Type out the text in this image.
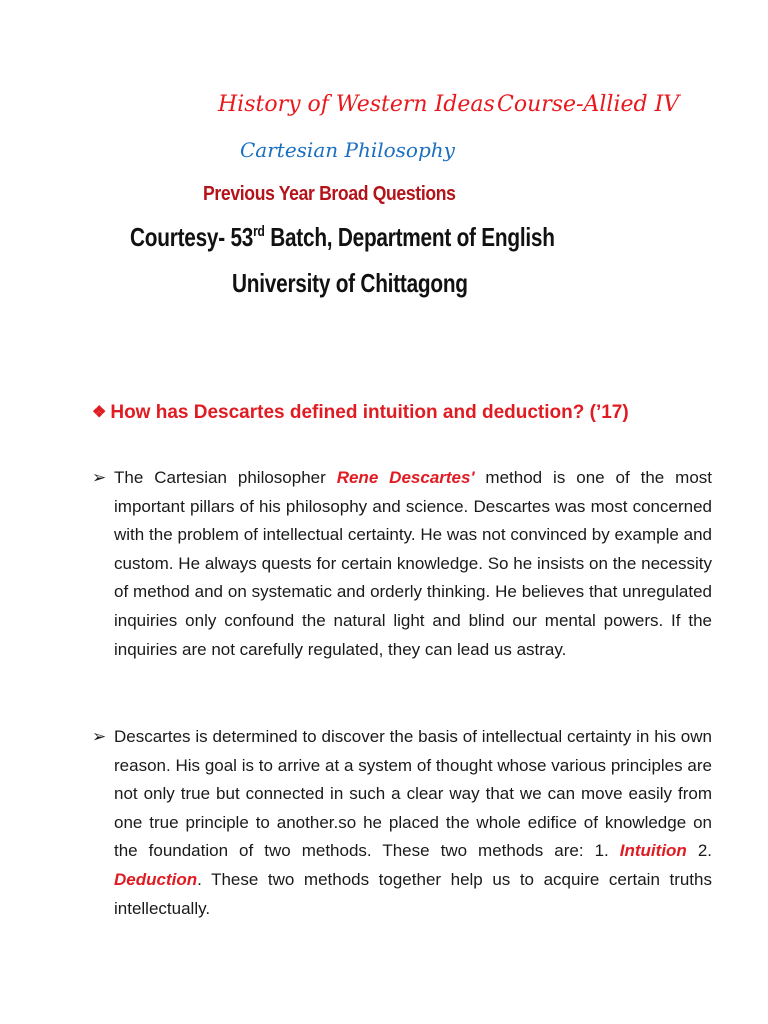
History of Western Ideas Course-Allied IV
Cartesian Philosophy
Previous Year Broad Questions
Courtesy- 53rd Batch, Department of English
University of Chittagong
❖ How has Descartes defined intuition and deduction? (’17)
➢ The Cartesian philosopher Rene Descartes' method is one of the most important pillars of his philosophy and science. Descartes was most concerned with the problem of intellectual certainty. He was not convinced by example and custom. He always quests for certain knowledge. So he insists on the necessity of method and on systematic and orderly thinking. He believes that unregulated inquiries only confound the natural light and blind our mental powers. If the inquiries are not carefully regulated, they can lead us astray.
➢ Descartes is determined to discover the basis of intellectual certainty in his own reason. His goal is to arrive at a system of thought whose various principles are not only true but connected in such a clear way that we can move easily from one true principle to another.so he placed the whole edifice of knowledge on the foundation of two methods. These two methods are: 1. Intuition 2. Deduction. These two methods together help us to acquire certain truths intellectually.
